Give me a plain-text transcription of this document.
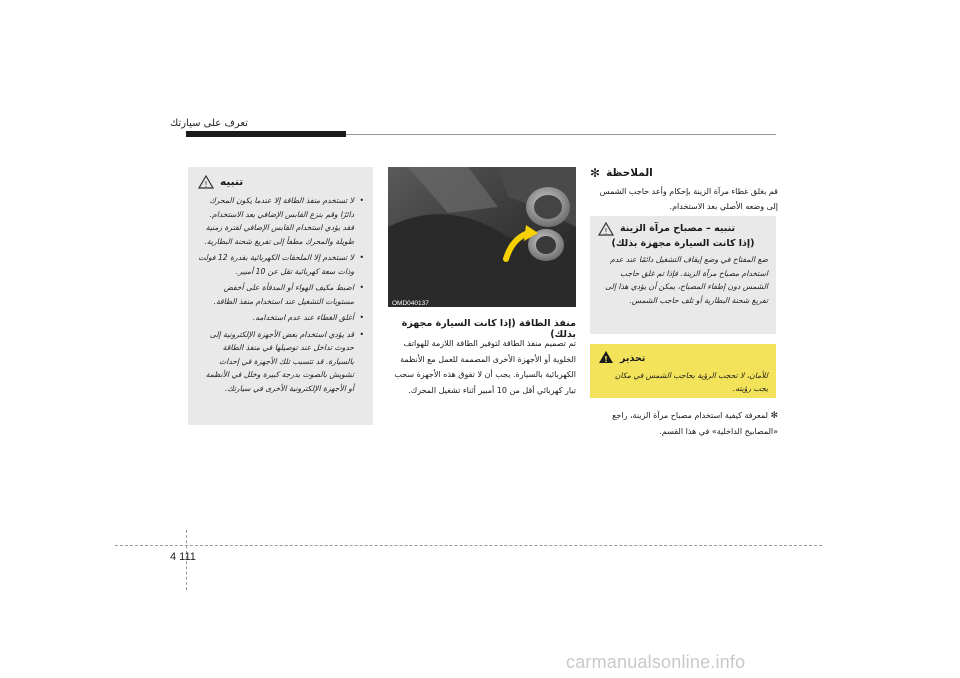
تعرف على سيارتك
تنبيه
!
• لا تستخدم منفذ الطاقة إلا عندما يكون المحرك دائرًا وقم بنزع القابس الإضافي بعد الاستخدام. فقد يؤدي استخدام القابس الإضافي لفترة زمنية طويلة والمحرك مطفأ إلى تفريغ شحنة البطارية.
• لا تستخدم إلا الملحقات الكهربائية بقدرة 12 فولت وذات سعة كهربائية تقل عن 10 أمبير.
• اضبط مكيف الهواء أو المدفأة على أخفض مستويات التشغيل عند استخدام منفذ الطاقة.
• أغلق الغطاء عند عدم استخدامه.
• قد يؤدي استخدام بعض الأجهزة الإلكترونية إلى حدوث تداخل عند توصيلها في منفذ الطاقة بالسيارة. قد تتسبب تلك الأجهزة في إحداث تشويش بالصوت بدرجة كبيرة وخلل في الأنظمة أو الأجهزة الإلكترونية الأخرى في سيارتك.
OMD040137
منفذ الطاقة (إذا كانت السيارة مجهزة بذلك)
تم تصميم منفذ الطاقة لتوفير الطاقة اللازمة للهواتف الخلوية أو الأجهزة الأخرى المصممة للعمل مع الأنظمة الكهربائية بالسيارة. يجب أن لا تفوق هذه الأجهزة سحب تيار كهربائي أقل من 10 أمبير أثناء تشغيل المحرك.
الملاحظة
✻
قم بغلق غطاء مرآة الزينة بإحكام وأعد حاجب الشمس إلى وضعه الأصلي بعد الاستخدام.
تنبيه – مصباح مرآة الزينة
!
(إذا كانت السيارة مجهزة بذلك)
ضع المفتاح في وضع إيقاف التشغيل دائمًا عند عدم استخدام مصباح مرآة الزينة. فإذا تم غلق حاجب الشمس دون إطفاء المصباح، يمكن أن يؤدي هذا إلى تفريغ شحنة البطارية أو تلف حاجب الشمس.
تحذير
!
للأمان، لا تحجب الرؤية بحاجب الشمس في مكان يجب رؤيته.
✻ لمعرفة كيفية استخدام مصباح مرآة الزينة، راجع «المصابيح الداخلية» في هذا القسم.
4 111
carmanualsonline.info
